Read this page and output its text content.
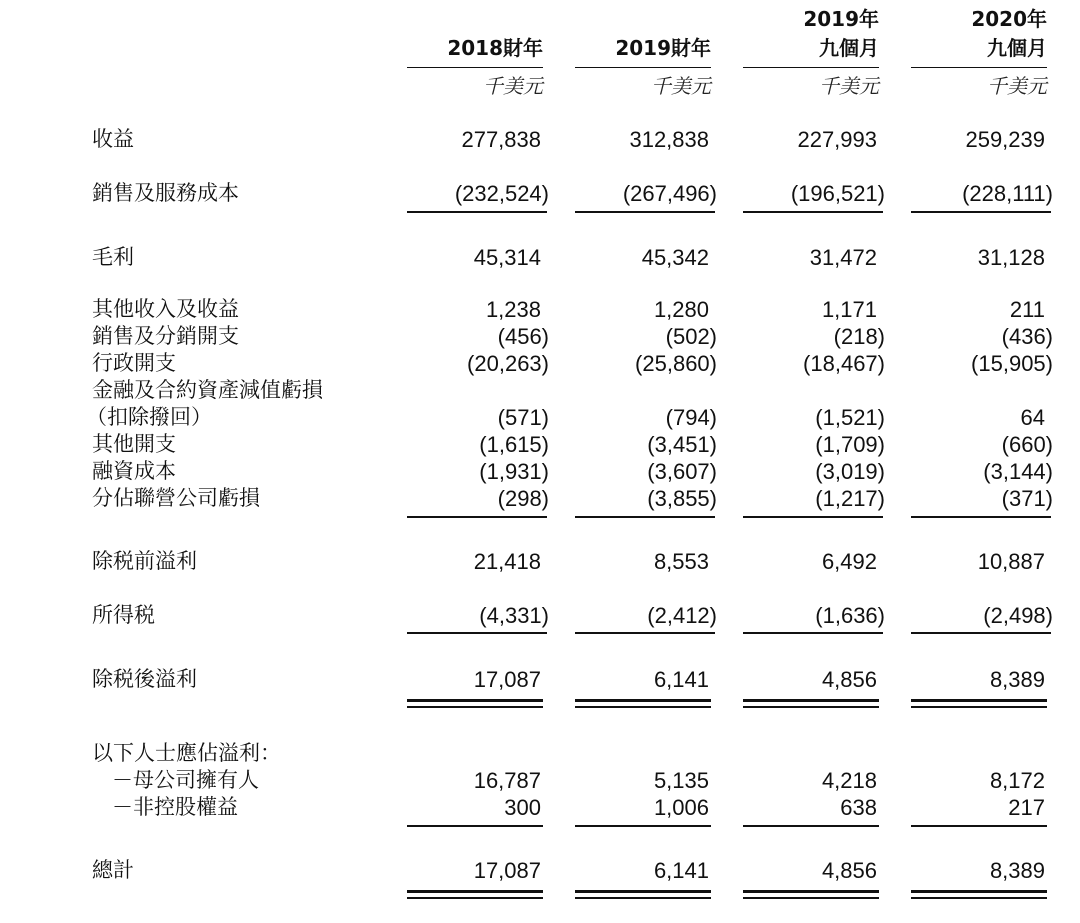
2018財年
千美元
2019財年
千美元
2019年
九個月
千美元
2020年
九個月
千美元
收益
銷售及服務成本
毛利
其他收入及收益
銷售及分銷開支
行政開支
金融及合約資產減值虧損
（扣除撥回）
其他開支
融資成本
分佔聯營公司虧損
除税前溢利
所得税
除税後溢利
以下人士應佔溢利：
－母公司擁有人
－非控股權益
總計
277,838
(232,524)
45,314
1,238
(456)
(20,263)
(571)
(1,615)
(1,931)
(298)
21,418
(4,331)
17,087
16,787
300
17,087
312,838
(267,496)
45,342
1,280
(502)
(25,860)
(794)
(3,451)
(3,607)
(3,855)
8,553
(2,412)
6,141
5,135
1,006
6,141
227,993
(196,521)
31,472
1,171
(218)
(18,467)
(1,521)
(1,709)
(3,019)
(1,217)
6,492
(1,636)
4,856
4,218
638
4,856
259,239
(228,111)
31,128
211
(436)
(15,905)
64
(660)
(3,144)
(371)
10,887
(2,498)
8,389
8,172
217
8,389
